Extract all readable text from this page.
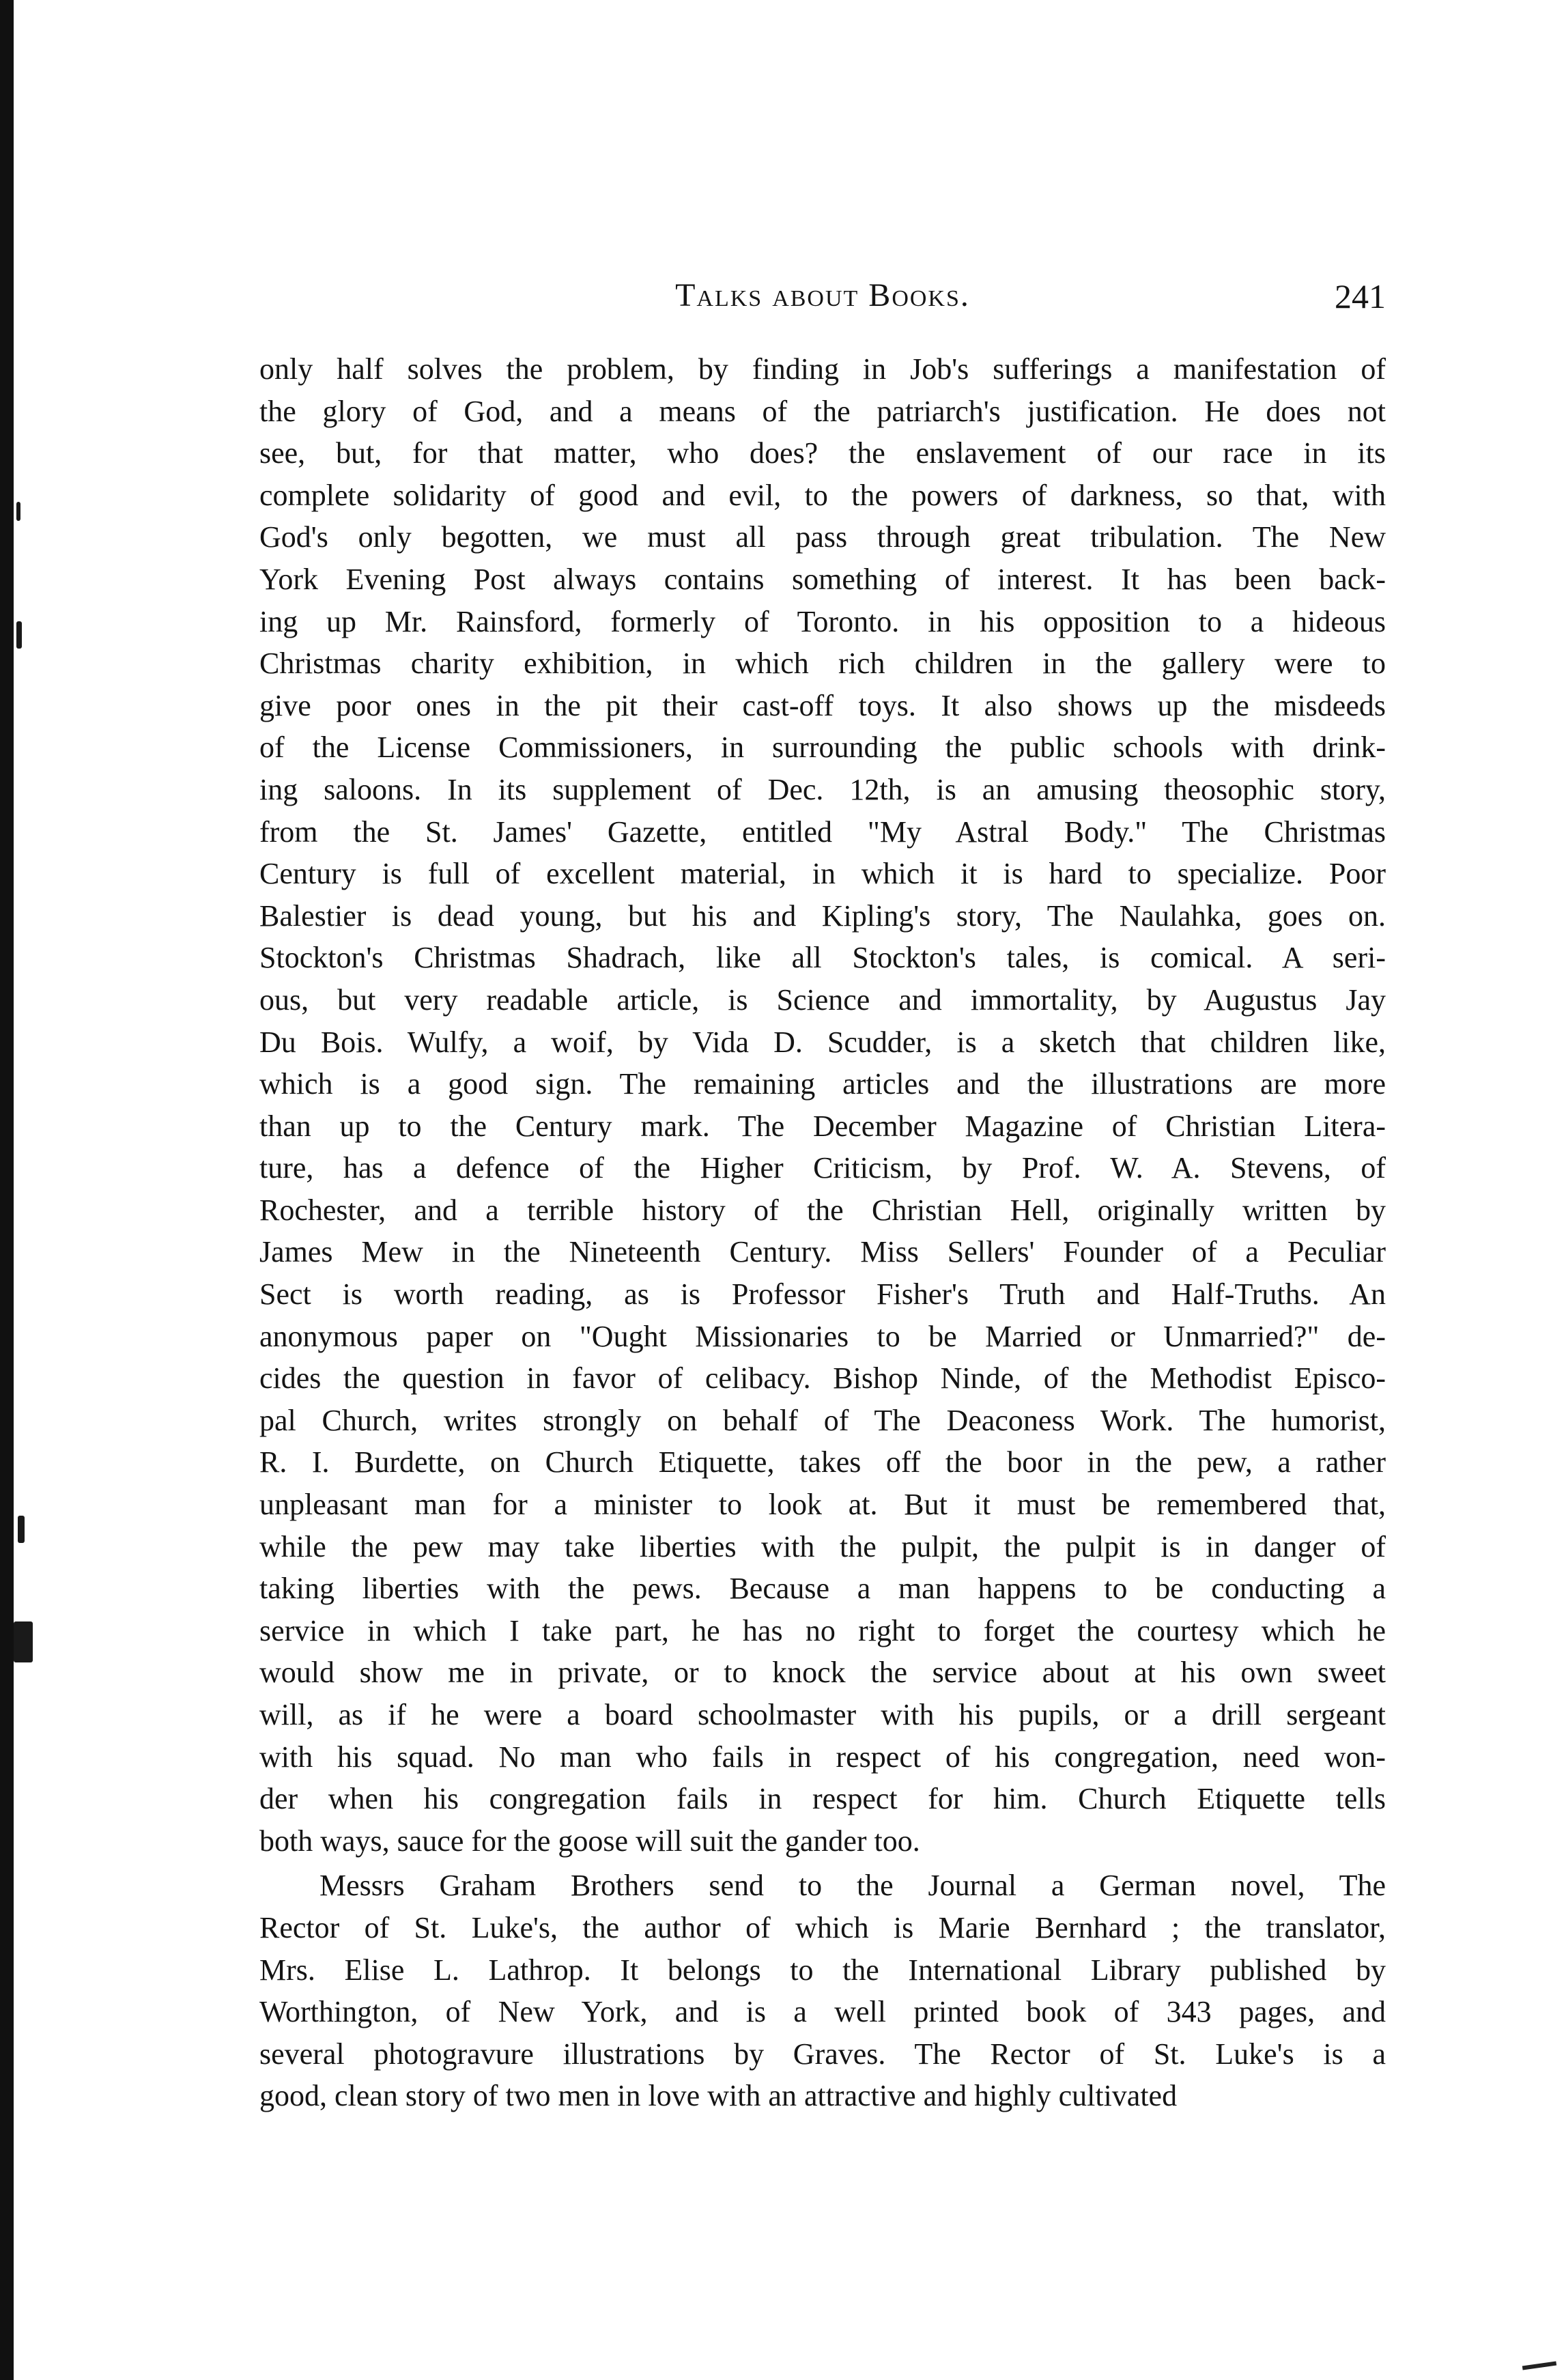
Talks about Books.	241
only half solves the problem, by finding in Job's sufferings a manifestation of
the glory of God, and a means of the patriarch's justification. He does not
see, but, for that matter, who does? the enslavement of our race in its
complete solidarity of good and evil, to the powers of darkness, so that, with
God's only begotten, we must all pass through great tribulation. The New
York Evening Post always contains something of interest. It has been back-
ing up Mr. Rainsford, formerly of Toronto. in his opposition to a hideous
Christmas charity exhibition, in which rich children in the gallery were to
give poor ones in the pit their cast-off toys. It also shows up the misdeeds
of the License Commissioners, in surrounding the public schools with drink-
ing saloons. In its supplement of Dec. 12th, is an amusing theosophic story,
from the St. James' Gazette, entitled "My Astral Body." The Christmas
Century is full of excellent material, in which it is hard to specialize. Poor
Balestier is dead young, but his and Kipling's story, The Naulahka, goes on.
Stockton's Christmas Shadrach, like all Stockton's tales, is comical. A seri-
ous, but very readable article, is Science and immortality, by Augustus Jay
Du Bois. Wulfy, a woif, by Vida D. Scudder, is a sketch that children like,
which is a good sign. The remaining articles and the illustrations are more
than up to the Century mark. The December Magazine of Christian Litera-
ture, has a defence of the Higher Criticism, by Prof. W. A. Stevens, of
Rochester, and a terrible history of the Christian Hell, originally written by
James Mew in the Nineteenth Century. Miss Sellers' Founder of a Peculiar
Sect is worth reading, as is Professor Fisher's Truth and Half-Truths. An
anonymous paper on "Ought Missionaries to be Married or Unmarried?" de-
cides the question in favor of celibacy. Bishop Ninde, of the Methodist Episco-
pal Church, writes strongly on behalf of The Deaconess Work. The humorist,
R. I. Burdette, on Church Etiquette, takes off the boor in the pew, a rather
unpleasant man for a minister to look at. But it must be remembered that,
while the pew may take liberties with the pulpit, the pulpit is in danger of
taking liberties with the pews. Because a man happens to be conducting a
service in which I take part, he has no right to forget the courtesy which he
would show me in private, or to knock the service about at his own sweet
will, as if he were a board schoolmaster with his pupils, or a drill sergeant
with his squad. No man who fails in respect of his congregation, need won-
der when his congregation fails in respect for him. Church Etiquette tells
both ways, sauce for the goose will suit the gander too.
Messrs Graham Brothers send to the Journal a German novel, The
Rector of St. Luke's, the author of which is Marie Bernhard ; the translator,
Mrs. Elise L. Lathrop. It belongs to the International Library published by
Worthington, of New York, and is a well printed book of 343 pages, and
several photogravure illustrations by Graves. The Rector of St. Luke's is a
good, clean story of two men in love with an attractive and highly cultivated
